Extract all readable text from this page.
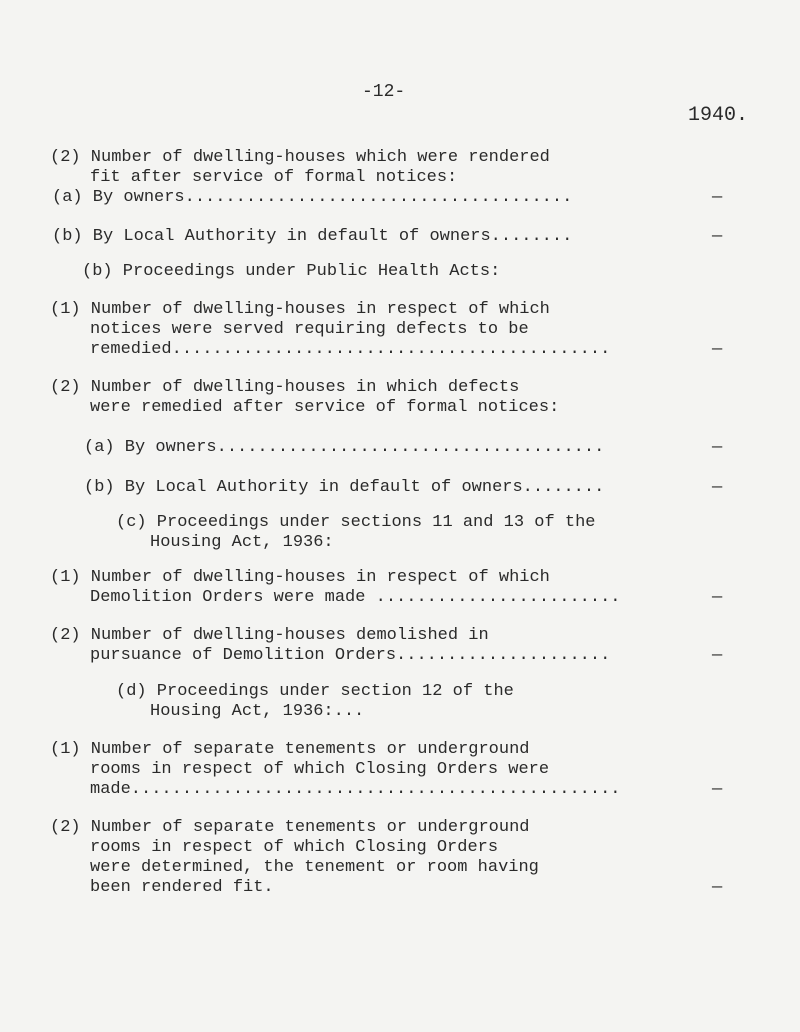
-12-
1940.
(2) Number of dwelling-houses which were rendered
fit after service of formal notices:
(a) By owners......................................	—
(b) By Local Authority in default of owners........	—
(b) Proceedings under Public Health Acts:
(1) Number of dwelling-houses in respect of which
notices were served requiring defects to be
remedied...........................................	—
(2) Number of dwelling-houses in which defects
were remedied after service of formal notices:
(a) By owners......................................	—
(b) By Local Authority in default of owners........	—
(c) Proceedings under sections 11 and 13 of the
Housing Act, 1936:
(1) Number of dwelling-houses in respect of which
Demolition Orders were made ........................	—
(2) Number of dwelling-houses demolished in
pursuance of Demolition Orders.....................	—
(d) Proceedings under section 12 of the
Housing Act, 1936:...
(1) Number of separate tenements or underground
rooms in respect of which Closing Orders were
made................................................	—
(2) Number of separate tenements or underground
rooms in respect of which Closing Orders
were determined, the tenement or room having
been rendered fit.	—
